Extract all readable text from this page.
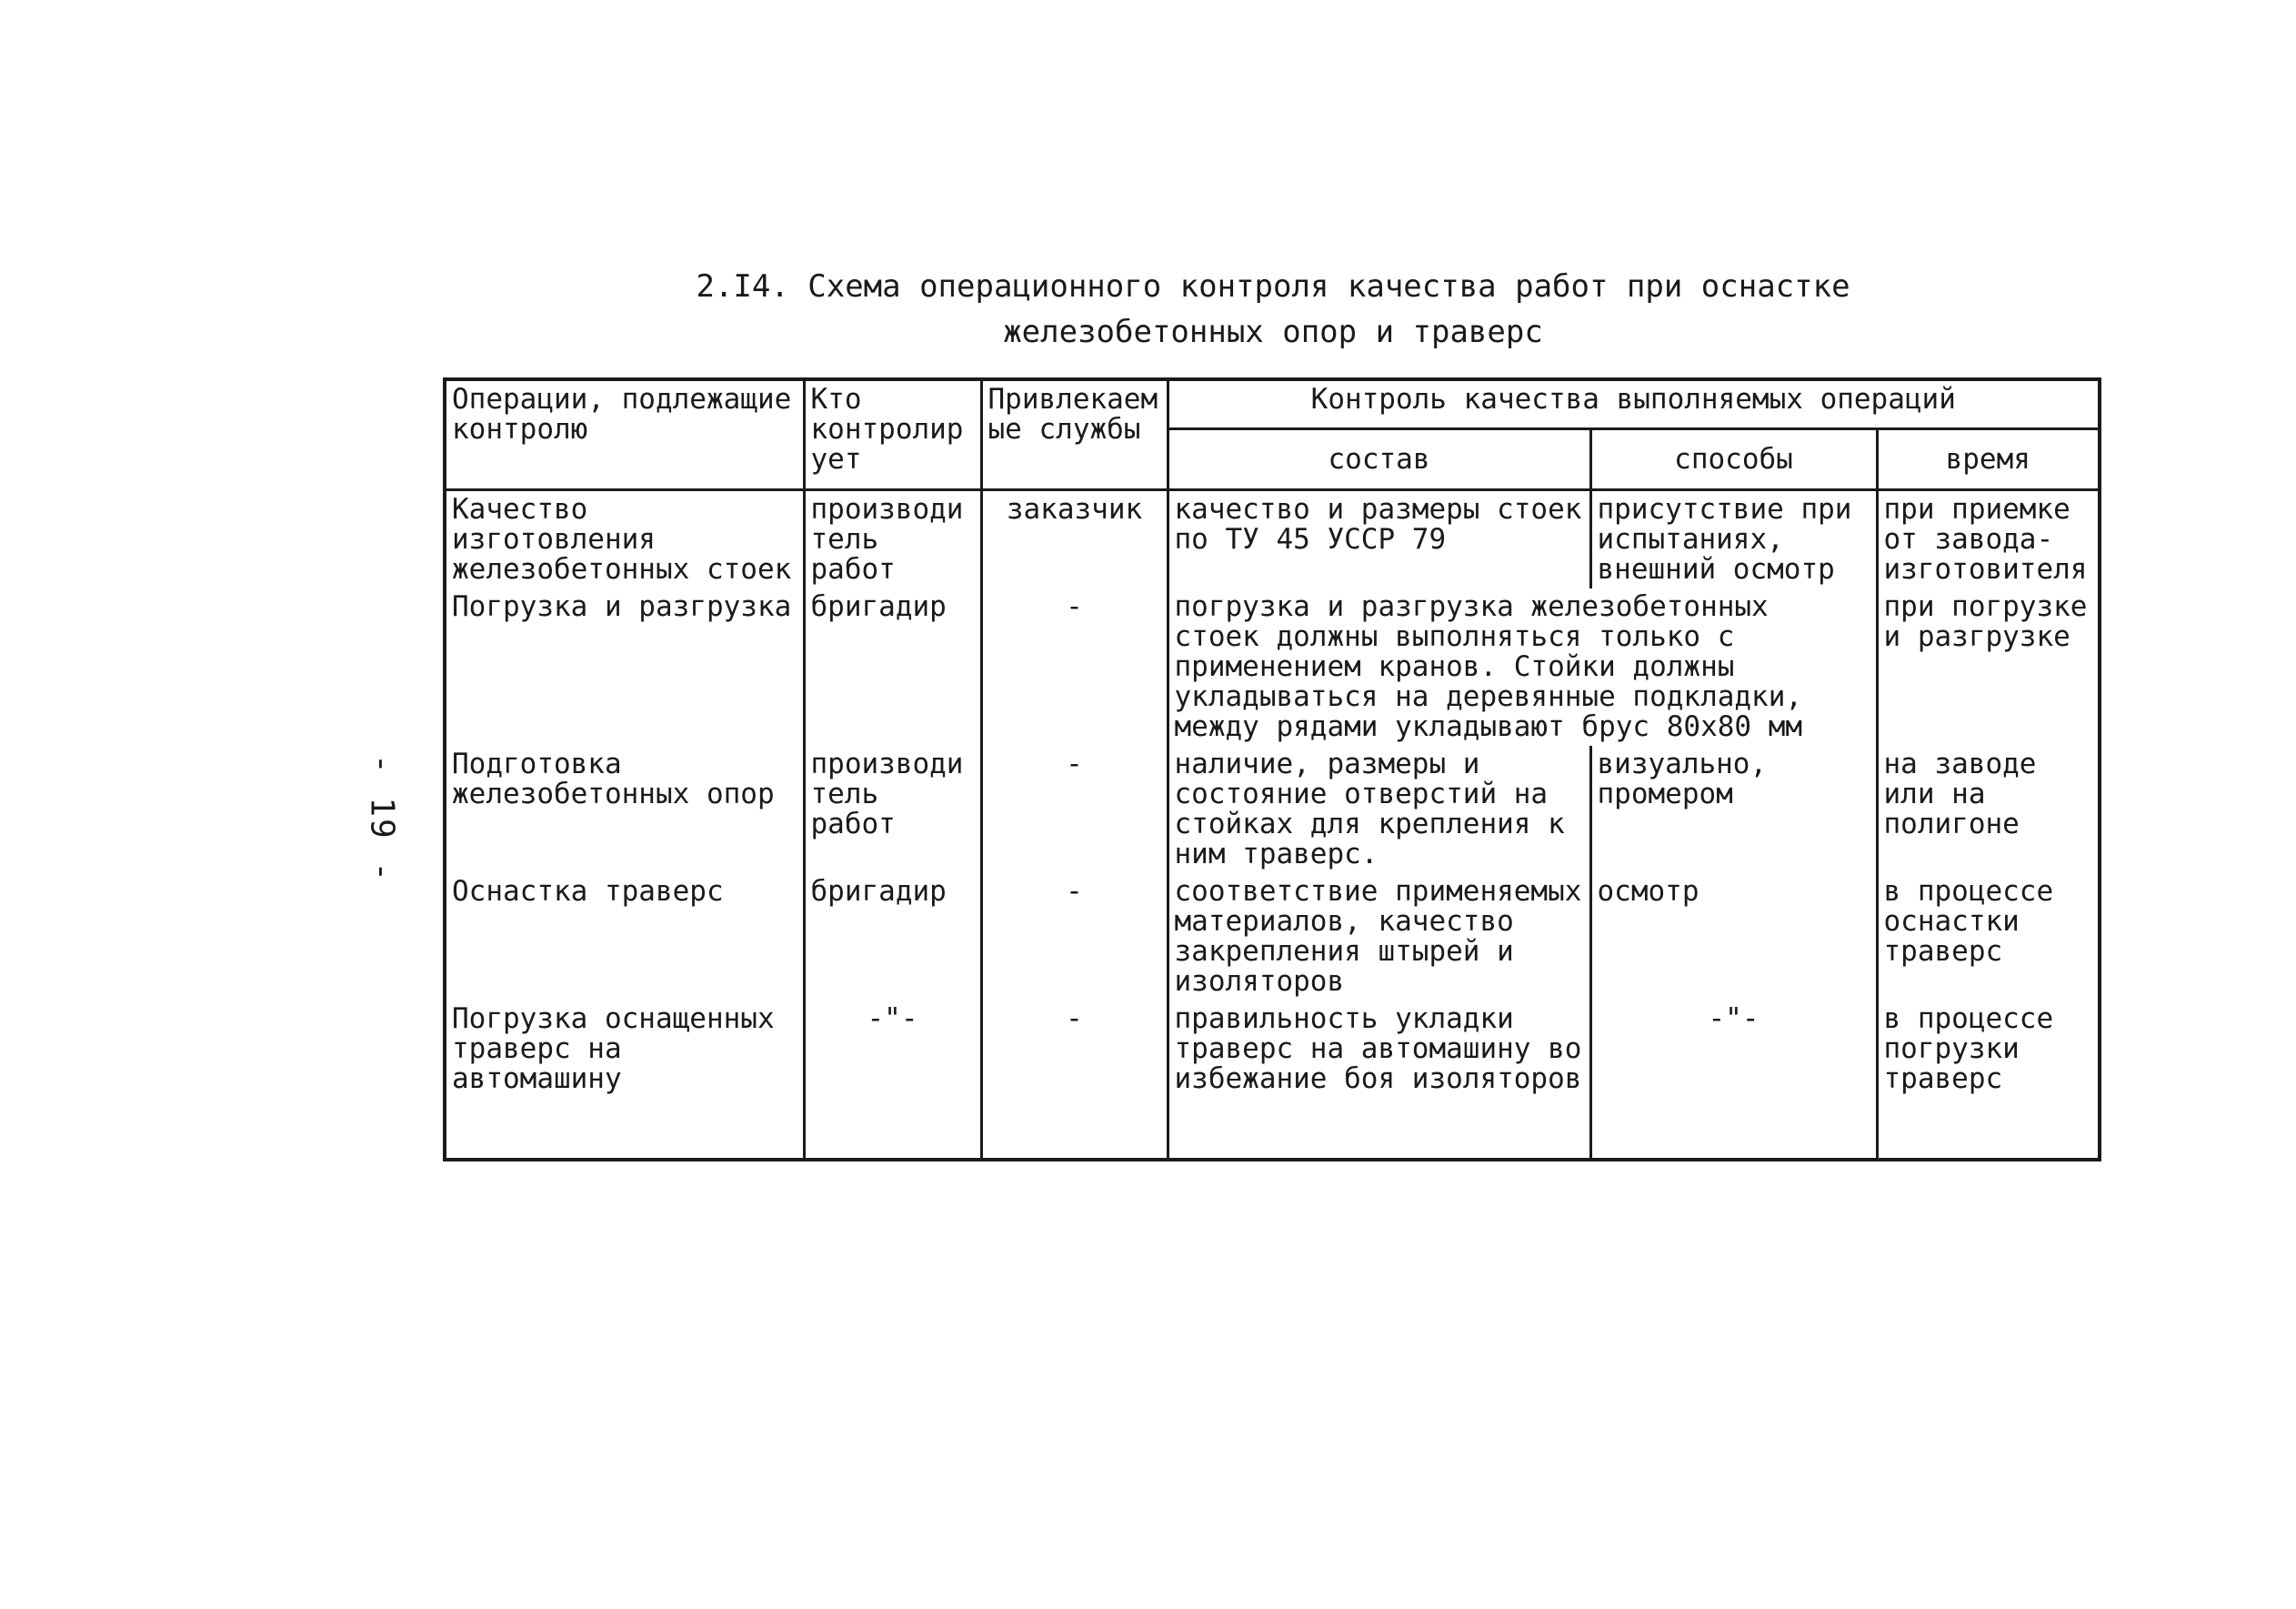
- 19 -
2.I4. Схема операционного контроля качества работ при оснастке
железобетонных опор и траверс
Операции, подлежащие контролю	Кто контролирует	Привлекаемые службы	Контроль качества выполняемых операций		
			состав	способы	время
Качество изготовления железобетонных стоек	производитель работ	заказчик	качество и размеры стоек по ТУ 45 УССР 79	присутствие при испытаниях, внешний осмотр	при приемке от завода-изготовителя
Погрузка и разгрузка	бригадир	-	погрузка и разгрузка железобетонных стоек должны выполняться только с применением кранов. Стойки должны укладываться на деревянные подкладки, между рядами укладывают брус 80х80 мм		при погрузке и разгрузке
Подготовка железобетонных опор	производитель работ	-	наличие, размеры и состояние отверстий на стойках для крепления к ним траверс.	визуально, промером	на заводе или на полигоне
Оснастка траверс	бригадир	-	соответствие применяемых материалов, качество закрепления штырей и изоляторов	осмотр	в процессе оснастки траверс
Погрузка оснащенных траверс на автомашину	-"-	-	правильность укладки траверс на автомашину во избежание боя изоляторов	-"-	в процессе погрузки траверс
